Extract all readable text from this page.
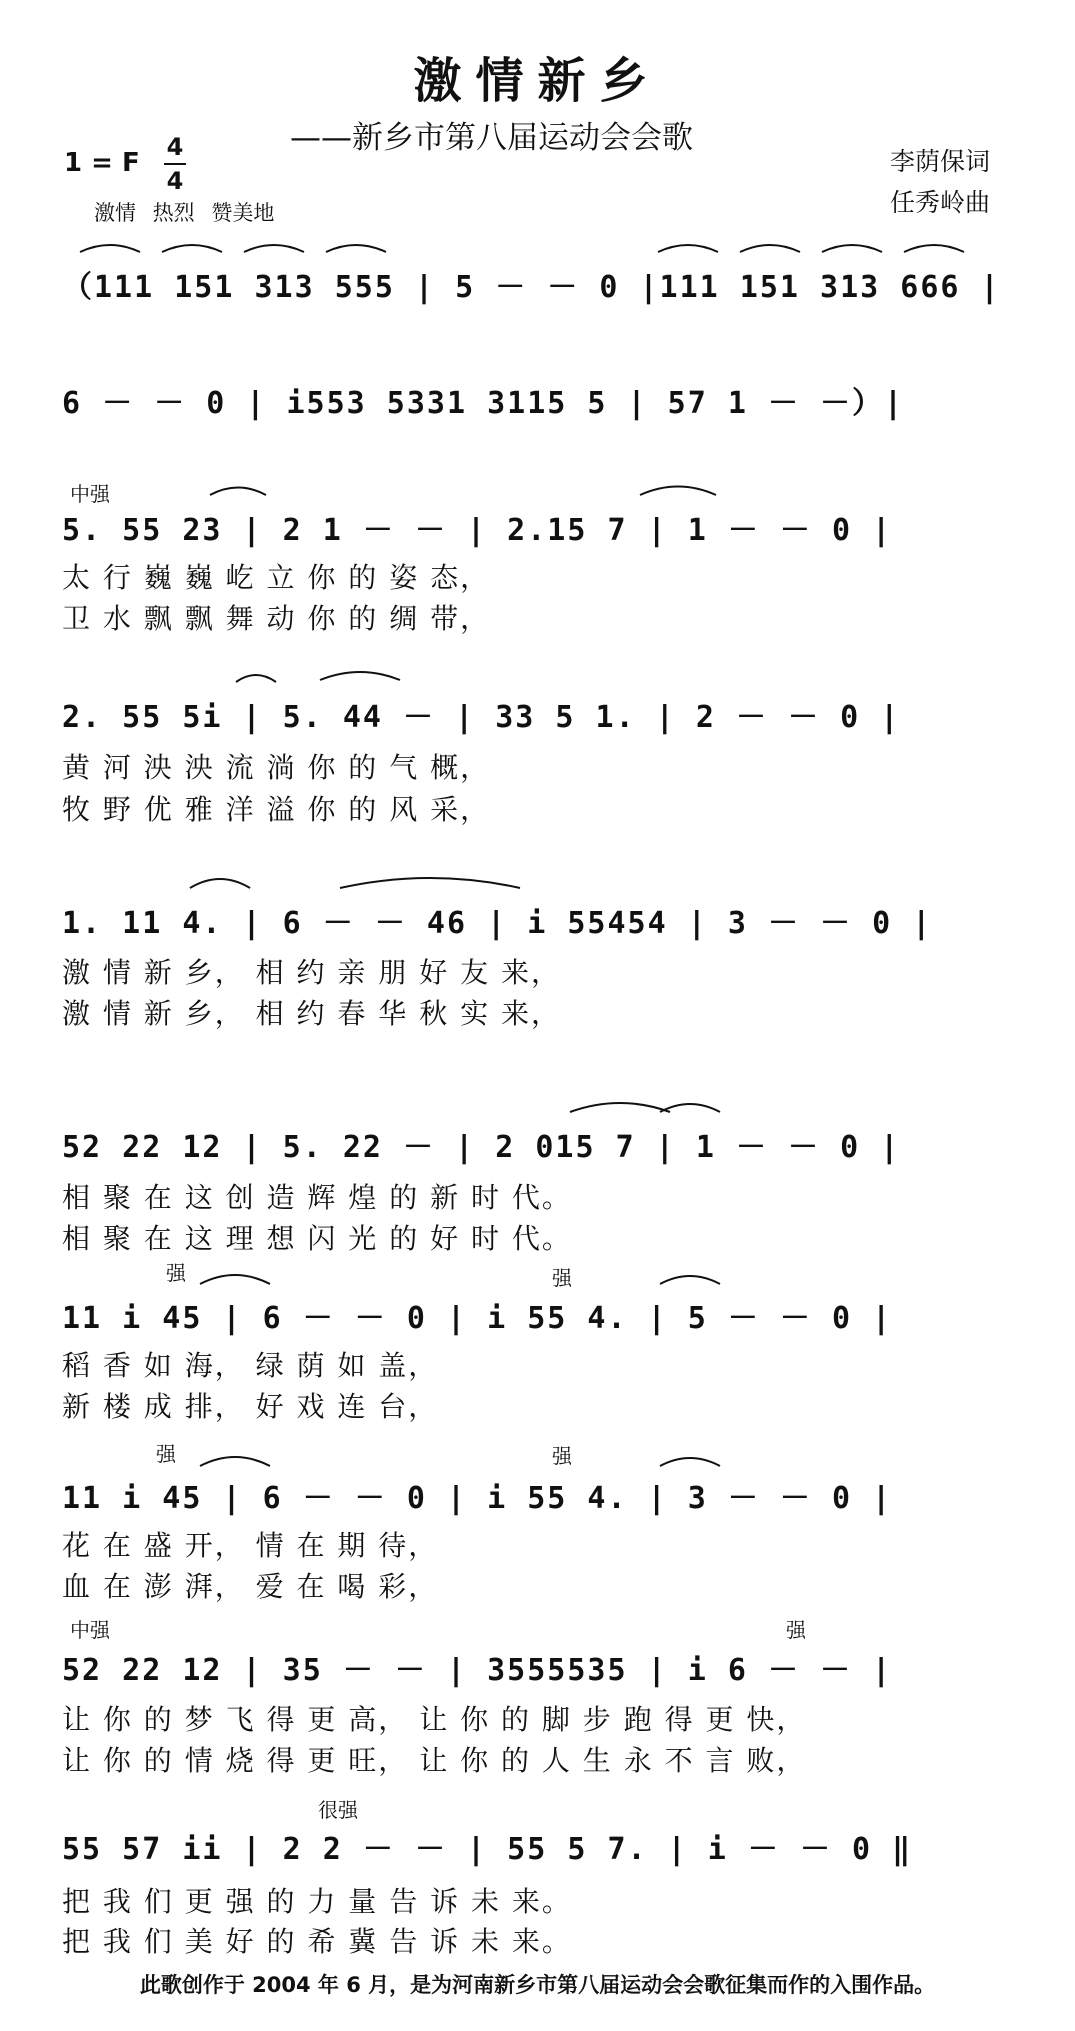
激情新乡
——新乡市第八届运动会会歌
李荫保词
任秀岭曲
1 = F
4
4
激情 热烈 赞美地
（111 151 313 555 | 5 － － 0 |111 151 313 666 |
6 － － 0 | i553 5331 3115 5 | 57 1 － －）|
中强
5. 55 23 | 2 1 － － | 2.15 7 | 1 － － 0 |
太 行 巍 巍 屹 立 你 的 姿 态，
卫 水 飘 飘 舞 动 你 的 绸 带，
2. 55 5i | 5. 44 － | 33 5 1. | 2 － － 0 |
黄 河 泱 泱 流 淌 你 的 气 概，
牧 野 优 雅 洋 溢 你 的 风 采，
1. 11 4. | 6 － － 46 | i 55454 | 3 － － 0 |
激 情 新 乡， 相 约 亲 朋 好 友 来，
激 情 新 乡， 相 约 春 华 秋 实 来，
52 22 12 | 5. 22 － | 2 015 7 | 1 － － 0 |
相 聚 在 这 创 造 辉 煌 的 新 时 代。
相 聚 在 这 理 想 闪 光 的 好 时 代。
强	强
11 i 45 | 6 － － 0 | i 55 4. | 5 － － 0 |
稻 香 如 海， 绿 荫 如 盖，
新 楼 成 排， 好 戏 连 台，
强	强
11 i 45 | 6 － － 0 | i 55 4. | 3 － － 0 |
花 在 盛 开， 情 在 期 待，
血 在 澎 湃， 爱 在 喝 彩，
中强	强
52 22 12 | 35 － － | 3555535 | i 6 － － |
让 你 的 梦 飞 得 更 高， 让 你 的 脚 步 跑 得 更 快，
让 你 的 情 烧 得 更 旺， 让 你 的 人 生 永 不 言 败，
很强
55 57 ii | 2 2 － － | 55 5 7. | i － － 0 ‖
把 我 们 更 强 的 力 量 告 诉 未 来。
把 我 们 美 好 的 希 冀 告 诉 未 来。
此歌创作于 2004 年 6 月，是为河南新乡市第八届运动会会歌征集而作的入围作品。
